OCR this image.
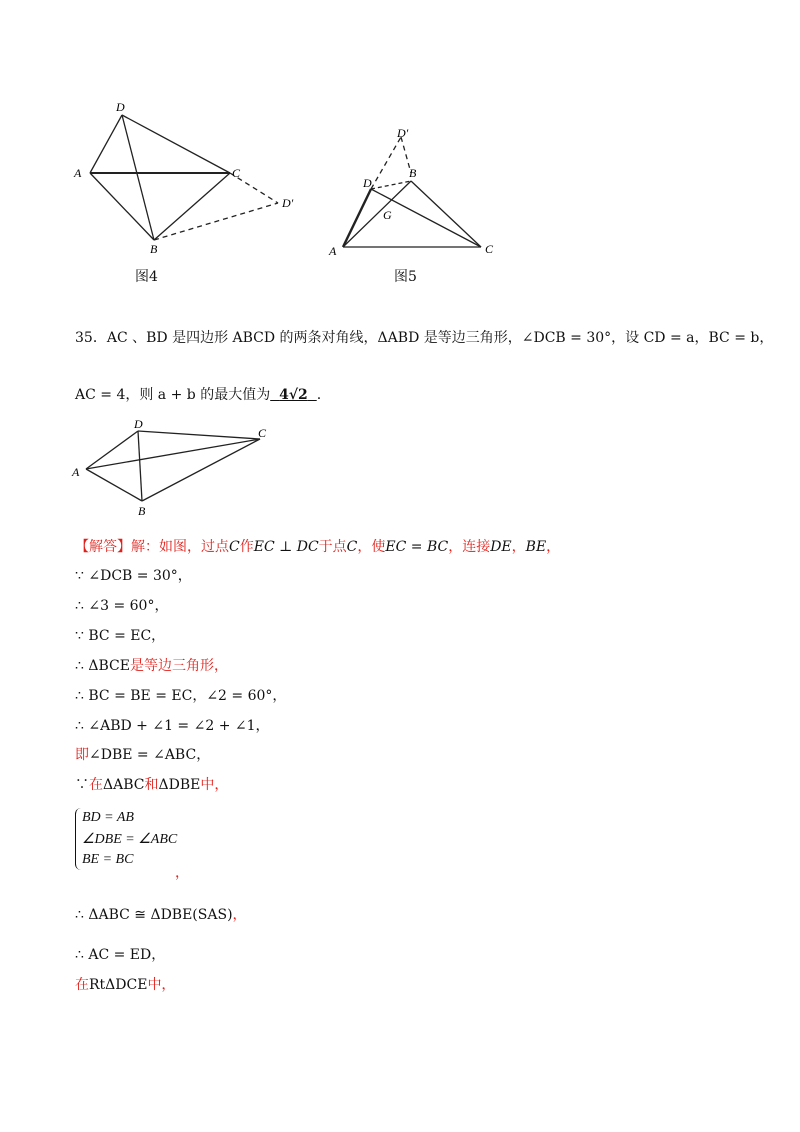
D
A	C
D′
B
图4
D′
D
B
G
A	C
图5
35．AC 、BD 是四边形 ABCD 的两条对角线，ΔABD 是等边三角形，∠DCB = 30°，设 CD = a，BC = b，
AC = 4，则 a + b 的最大值为 4√2 .
D
C
A
B
【解答】解：如图，过点C作EC ⊥ DC于点C，使EC = BC，连接DE，BE，
∵ ∠DCB = 30°，
∴ ∠3 = 60°，
∵ BC = EC，
∴ ΔBCE是等边三角形，
∴ BC = BE = EC，∠2 = 60°，
∴ ∠ABD + ∠1 = ∠2 + ∠1，
即∠DBE = ∠ABC，
∵在ΔABC和ΔDBE中，
BD = AB
∠DBE = ∠ABC
BE = BC
，
∴ ΔABC ≅ ΔDBE(SAS)，
∴ AC = ED，
在RtΔDCE中，
